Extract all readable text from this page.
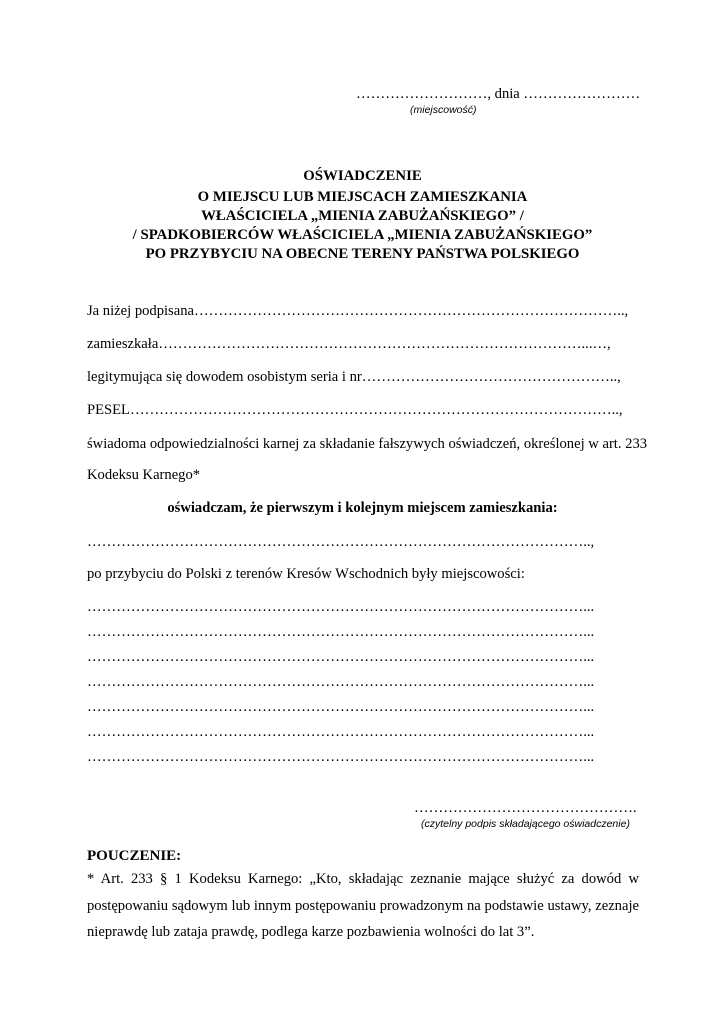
………………………, dnia ……………………
(miejscowość)
OŚWIADCZENIE
O MIEJSCU LUB MIEJSCACH ZAMIESZKANIA
WŁAŚCICIELA „MIENIA ZABUŻAŃSKIEGO” /
/ SPADKOBIERCÓW WŁAŚCICIELA „MIENIA ZABUŻAŃSKIEGO”
PO PRZYBYCIU NA OBECNE TERENY PAŃSTWA POLSKIEGO
Ja niżej podpisana……………………………………………………………………………..,
zamieszkała……………………………………………………………………………...…,
legitymująca się dowodem osobistym seria i nr……………………………………………..,
PESEL………………………………………………………………………………………..,
świadoma odpowiedzialności karnej za składanie fałszywych oświadczeń, określonej w art. 233
Kodeksu Karnego*
oświadczam, że pierwszym i kolejnym miejscem zamieszkania:
…………………………………………………………………………………………..,
po przybyciu do Polski z terenów Kresów Wschodnich były miejscowości:
…………………………………………………………………………………………...
…………………………………………………………………………………………...
…………………………………………………………………………………………...
…………………………………………………………………………………………...
…………………………………………………………………………………………...
…………………………………………………………………………………………...
…………………………………………………………………………………………...
……………………………………….
(czytelny podpis składającego oświadczenie)
POUCZENIE:
* Art. 233 § 1 Kodeksu Karnego: „Kto, składając zeznanie mające służyć za dowód w postępowaniu sądowym lub innym postępowaniu prowadzonym na podstawie ustawy, zeznaje nieprawdę lub zataja prawdę, podlega karze pozbawienia wolności do lat 3”.
